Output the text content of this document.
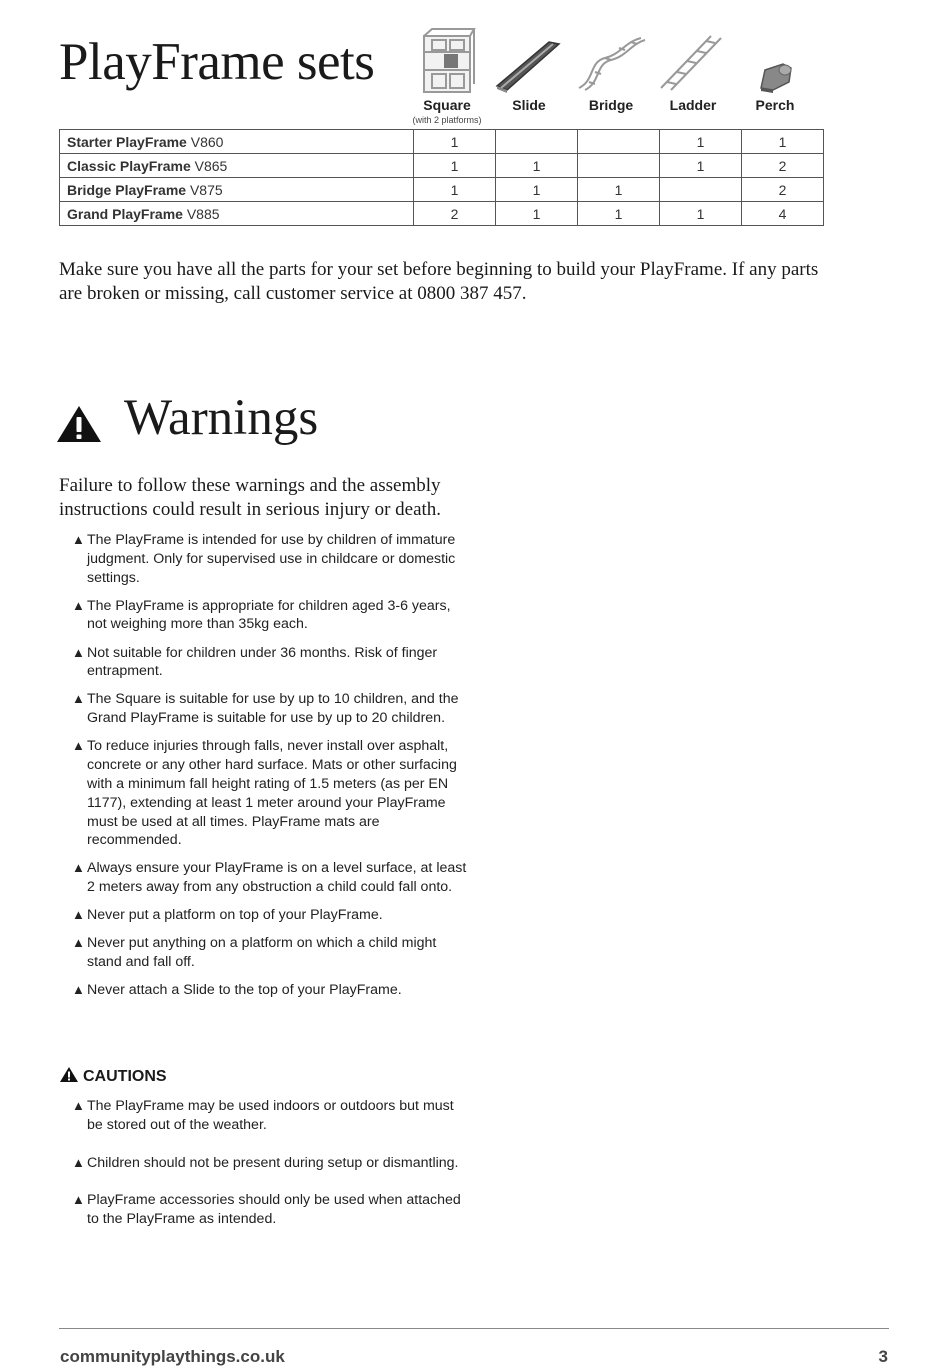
PlayFrame sets
Square
(with 2 platforms)
Slide	Bridge	Ladder	Perch
Starter PlayFrame V860	1			1	1
Classic PlayFrame V865	1	1		1	2
Bridge PlayFrame V875	1	1	1		2
Grand PlayFrame V885	2	1	1	1	4

Make sure you have all the parts for your set before beginning to build your PlayFrame. If any parts are broken or missing, call customer service at 0800 387 457.

Warnings

Failure to follow these warnings and the assembly instructions could result in serious injury or death.

▲ The PlayFrame is intended for use by children of immature judgment. Only for supervised use in childcare or domestic settings.
▲ The PlayFrame is appropriate for children aged 3-6 years, not weighing more than 35kg each.
▲ Not suitable for children under 36 months. Risk of finger entrapment.
▲ The Square is suitable for use by up to 10 children, and the Grand PlayFrame is suitable for use by up to 20 children.
▲ To reduce injuries through falls, never install over asphalt, concrete or any other hard surface. Mats or other surfacing with a minimum fall height rating of 1.5 meters (as per EN 1177), extending at least 1 meter around your PlayFrame must be used at all times. PlayFrame mats are recommended.
▲ Always ensure your PlayFrame is on a level surface, at least 2 meters away from any obstruction a child could fall onto.
▲ Never put a platform on top of your PlayFrame.
▲ Never put anything on a platform on which a child might stand and fall off.
▲ Never attach a Slide to the top of your PlayFrame.
CAUTIONS
▲ The PlayFrame may be used indoors or outdoors but must be stored out of the weather.
▲ Children should not be present during setup or dismantling.
▲ PlayFrame accessories should only be used when attached to the PlayFrame as intended.
communityplaythings.co.uk	3
